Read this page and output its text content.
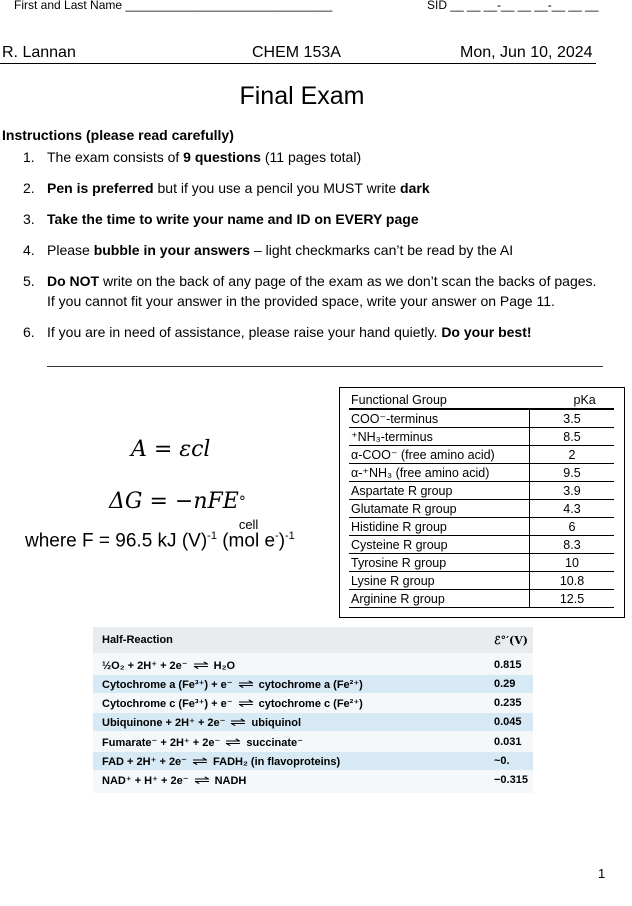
First and Last Name _______________________________	SID __ __ __-__ __ __-__ __ __
R. Lannan	CHEM 153A	Mon, Jun 10, 2024
Final Exam
Instructions (please read carefully)
1. The exam consists of 9 questions (11 pages total)
2. Pen is preferred but if you use a pencil you MUST write dark
3. Take the time to write your name and ID on EVERY page
4. Please bubble in your answers – light checkmarks can’t be read by the AI
5. Do NOT write on the back of any page of the exam as we don’t scan the backs of pages.
If you cannot fit your answer in the provided space, write your answer on Page 11.
6. If you are in need of assistance, please raise your hand quietly. Do your best!
A = εcl
ΔG = −nFE °
cell
where F = 96.5 kJ $(V)^{-1}$ (mol e-)$^{-1}$
Functional Group	pKa
COO⁻-terminus	3.5
⁺NH₃-terminus	8.5
α-COO⁻ (free amino acid)	2
α-⁺NH₃ (free amino acid)	9.5
Aspartate R group	3.9
Glutamate R group	4.3
Histidine R group	6
Cysteine R group	8.3
Tyrosine R group	10
Lysine R group	10.8
Arginine R group	12.5
Half-Reaction	ℰ°′(V)
½O₂ + 2H⁺ + 2e⁻ ⇌ H₂O	0.815
Cytochrome a (Fe³⁺) + e⁻ ⇌ cytochrome a (Fe²⁺)	0.29
Cytochrome c (Fe³⁺) + e⁻ ⇌ cytochrome c (Fe²⁺)	0.235
Ubiquinone + 2H⁺ + 2e⁻ ⇌ ubiquinol	0.045
Fumarate⁻ + 2H⁺ + 2e⁻ ⇌ succinate⁻	0.031
FAD + 2H⁺ + 2e⁻ ⇌ FADH₂ (in flavoproteins)	~0.
NAD⁺ + H⁺ + 2e⁻ ⇌ NADH	−0.315
1
